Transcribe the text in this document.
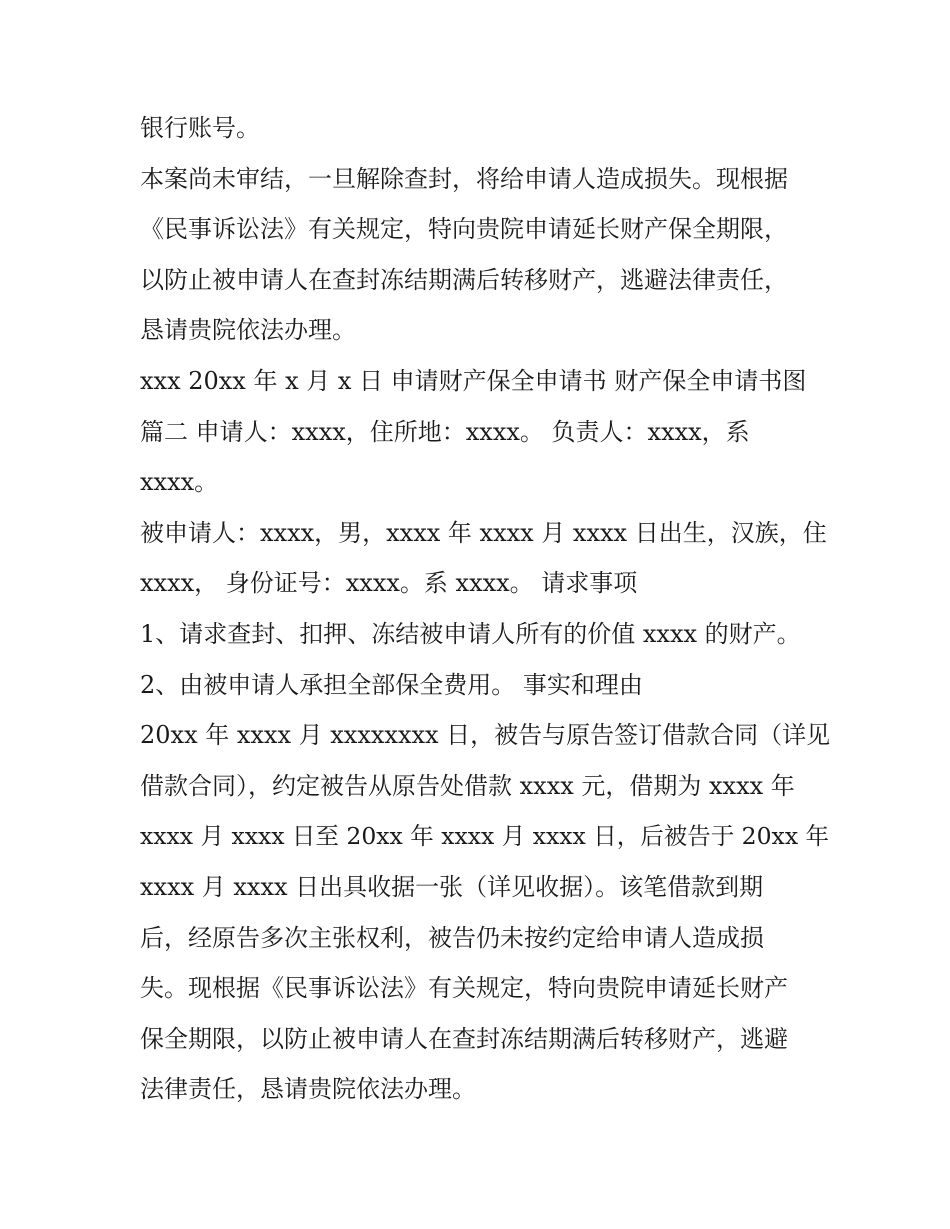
银行账号。
本案尚未审结，一旦解除查封，将给申请人造成损失。现根据
《民事诉讼法》有关规定，特向贵院申请延长财产保全期限，
以防止被申请人在查封冻结期满后转移财产，逃避法律责任，
恳请贵院依法办理。
xxx 20xx 年 x 月 x 日 申请财产保全申请书 财产保全申请书图
篇二 申请人：xxxx，住所地：xxxx。 负责人：xxxx，系
xxxx。
被申请人：xxxx，男，xxxx 年 xxxx 月 xxxx 日出生，汉族，住
xxxx， 身份证号：xxxx。系 xxxx。 请求事项
1、请求查封、扣押、冻结被申请人所有的价值 xxxx 的财产。
2、由被申请人承担全部保全费用。 事实和理由
20xx 年 xxxx 月 xxxxxxxx 日，被告与原告签订借款合同（详见
借款合同），约定被告从原告处借款 xxxx 元，借期为 xxxx 年
xxxx 月 xxxx 日至 20xx 年 xxxx 月 xxxx 日，后被告于 20xx 年
xxxx 月 xxxx 日出具收据一张（详见收据）。该笔借款到期
后，经原告多次主张权利，被告仍未按约定给申请人造成损
失。现根据《民事诉讼法》有关规定，特向贵院申请延长财产
保全期限，以防止被申请人在查封冻结期满后转移财产，逃避
法律责任，恳请贵院依法办理。
